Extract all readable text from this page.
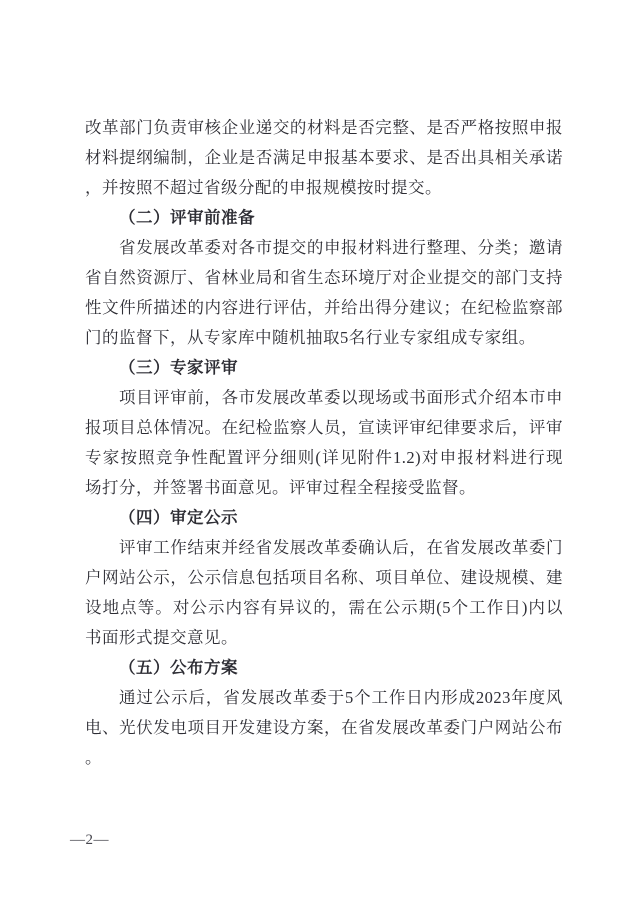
改革部门负责审核企业递交的材料是否完整、是否严格按照申报
材料提纲编制，企业是否满足申报基本要求、是否出具相关承诺
，并按照不超过省级分配的申报规模按时提交。
（二）评审前准备
省发展改革委对各市提交的申报材料进行整理、分类；邀请
省自然资源厅、省林业局和省生态环境厅对企业提交的部门支持
性文件所描述的内容进行评估，并给出得分建议；在纪检监察部
门的监督下，从专家库中随机抽取5名行业专家组成专家组。
（三）专家评审
项目评审前，各市发展改革委以现场或书面形式介绍本市申
报项目总体情况。在纪检监察人员，宣读评审纪律要求后，评审
专家按照竞争性配置评分细则(详见附件1.2)对申报材料进行现
场打分，并签署书面意见。评审过程全程接受监督。
（四）审定公示
评审工作结束并经省发展改革委确认后，在省发展改革委门
户网站公示，公示信息包括项目名称、项目单位、建设规模、建
设地点等。对公示内容有异议的，需在公示期(5个工作日)内以
书面形式提交意见。
（五）公布方案
通过公示后，省发展改革委于5个工作日内形成2023年度风
电、光伏发电项目开发建设方案，在省发展改革委门户网站公布
。
—2—
